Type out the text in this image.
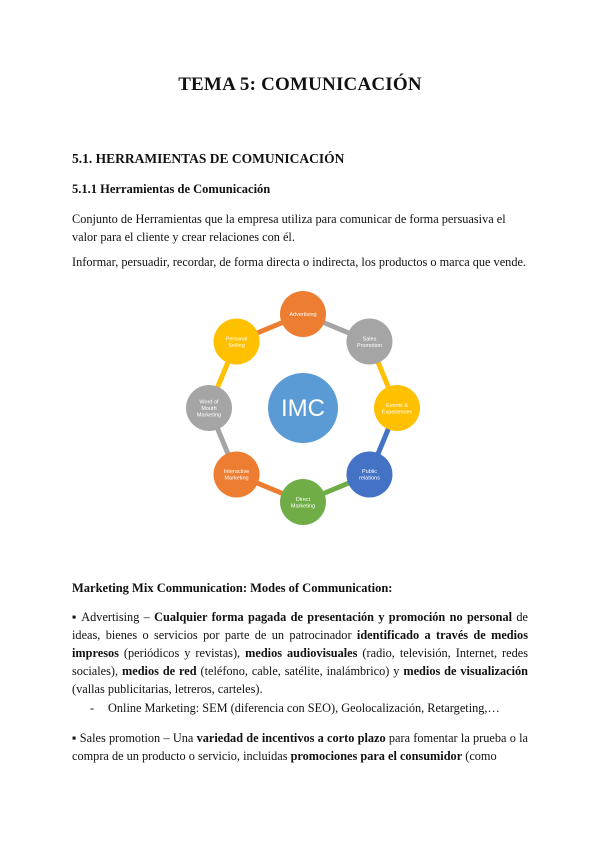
TEMA 5: COMUNICACIÓN
5.1. HERRAMIENTAS DE COMUNICACIÓN
5.1.1 Herramientas de Comunicación
Conjunto de Herramientas que la empresa utiliza para comunicar de forma persuasiva el valor para el cliente y crear relaciones con él.
Informar, persuadir, recordar, de forma directa o indirecta, los productos o marca que vende.
Advertising
Sales Promotion
Events & Experiences
Public relations
Direct Marketing
Interactive Marketing
Word of Mouth Marketing
Personal Selling
IMC
Marketing Mix Communication: Modes of Communication:
▪ Advertising – Cualquier forma pagada de presentación y promoción no personal de ideas, bienes o servicios por parte de un patrocinador identificado a través de medios impresos (periódicos y revistas), medios audiovisuales (radio, televisión, Internet, redes sociales), medios de red (teléfono, cable, satélite, inalámbrico) y medios de visualización (vallas publicitarias, letreros, carteles).
- Online Marketing: SEM (diferencia con SEO), Geolocalización, Retargeting,…
▪ Sales promotion – Una variedad de incentivos a corto plazo para fomentar la prueba o la compra de un producto o servicio, incluidas promociones para el consumidor (como
